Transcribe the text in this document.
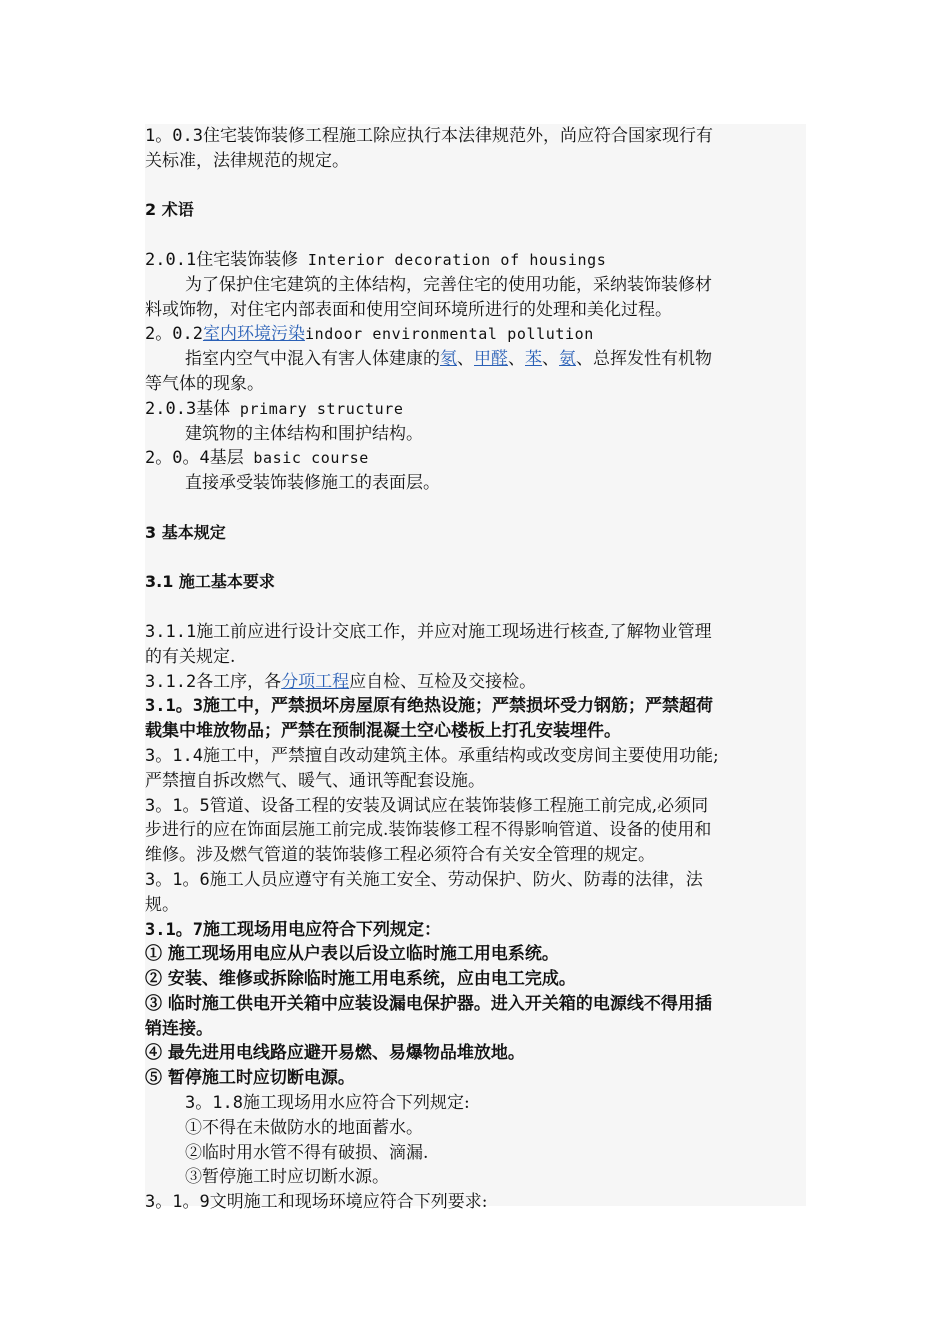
1。0.3住宅装饰装修工程施工除应执行本法律规范外，尚应符合国家现行有
关标准，法律规范的规定。
2 术语
2.0.1住宅装饰装修 Interior decoration of housings
为了保护住宅建筑的主体结构，完善住宅的使用功能，采纳装饰装修材
料或饰物，对住宅内部表面和使用空间环境所进行的处理和美化过程。
2。0.2室内环境污染indoor environmental pollution
指室内空气中混入有害人体建康的氡、甲醛、苯、氨、总挥发性有机物
等气体的现象。
2.0.3基体 primary structure
建筑物的主体结构和围护结构。
2。0。4基层 basic course
直接承受装饰装修施工的表面层。
3 基本规定
3.1 施工基本要求
3.1.1施工前应进行设计交底工作，并应对施工现场进行核查,了解物业管理
的有关规定.
3.1.2各工序，各分项工程应自检、互检及交接检。
3.1。3施工中，严禁损坏房屋原有绝热设施；严禁损坏受力钢筋；严禁超荷
载集中堆放物品；严禁在预制混凝土空心楼板上打孔安装埋件。
3。1.4施工中，严禁擅自改动建筑主体。承重结构或改变房间主要使用功能;
严禁擅自拆改燃气、暖气、通讯等配套设施。
3。1。5管道、设备工程的安装及调试应在装饰装修工程施工前完成,必须同
步进行的应在饰面层施工前完成.装饰装修工程不得影响管道、设备的使用和
维修。涉及燃气管道的装饰装修工程必须符合有关安全管理的规定。
3。1。6施工人员应遵守有关施工安全、劳动保护、防火、防毒的法律，法
规。
3.1。7施工现场用电应符合下列规定：
① 施工现场用电应从户表以后设立临时施工用电系统。
② 安装、维修或拆除临时施工用电系统，应由电工完成。
③ 临时施工供电开关箱中应装设漏电保护器。进入开关箱的电源线不得用插
销连接。
④ 最先进用电线路应避开易燃、易爆物品堆放地。
⑤ 暂停施工时应切断电源。
3。1.8施工现场用水应符合下列规定:
①不得在未做防水的地面蓄水。
②临时用水管不得有破损、滴漏.
③暂停施工时应切断水源。
3。1。9文明施工和现场环境应符合下列要求:
